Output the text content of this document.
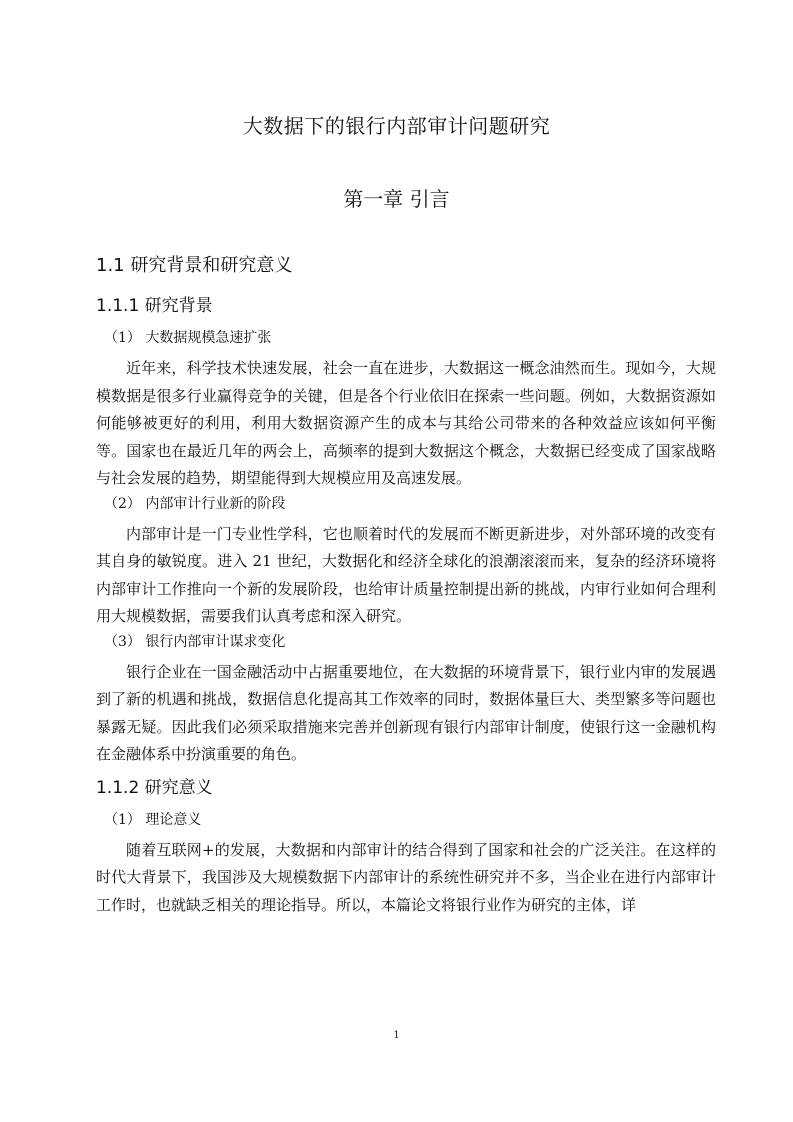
大数据下的银行内部审计问题研究
第一章 引言
1.1 研究背景和研究意义
1.1.1 研究背景
（1） 大数据规模急速扩张

近年来，科学技术快速发展，社会一直在进步，大数据这一概念油然而生。现如今，大规模数据是很多行业赢得竞争的关键，但是各个行业依旧在探索一些问题。例如，大数据资源如何能够被更好的利用，利用大数据资源产生的成本与其给公司带来的各种效益应该如何平衡等。国家也在最近几年的两会上，高频率的提到大数据这个概念，大数据已经变成了国家战略与社会发展的趋势，期望能得到大规模应用及高速发展。

（2） 内部审计行业新的阶段

内部审计是一门专业性学科，它也顺着时代的发展而不断更新进步，对外部环境的改变有其自身的敏锐度。进入 21 世纪，大数据化和经济全球化的浪潮滚滚而来，复杂的经济环境将内部审计工作推向一个新的发展阶段，也给审计质量控制提出新的挑战，内审行业如何合理利用大规模数据，需要我们认真考虑和深入研究。

（3） 银行内部审计谋求变化

银行企业在一国金融活动中占据重要地位，在大数据的环境背景下，银行业内审的发展遇到了新的机遇和挑战，数据信息化提高其工作效率的同时，数据体量巨大、类型繁多等问题也暴露无疑。因此我们必须采取措施来完善并创新现有银行内部审计制度，使银行这一金融机构在金融体系中扮演重要的角色。

1.1.2 研究意义
（1） 理论意义

随着互联网+的发展，大数据和内部审计的结合得到了国家和社会的广泛关注。在这样的时代大背景下，我国涉及大规模数据下内部审计的系统性研究并不多，当企业在进行内部审计工作时，也就缺乏相关的理论指导。所以，本篇论文将银行业作为研究的主体，详

1
